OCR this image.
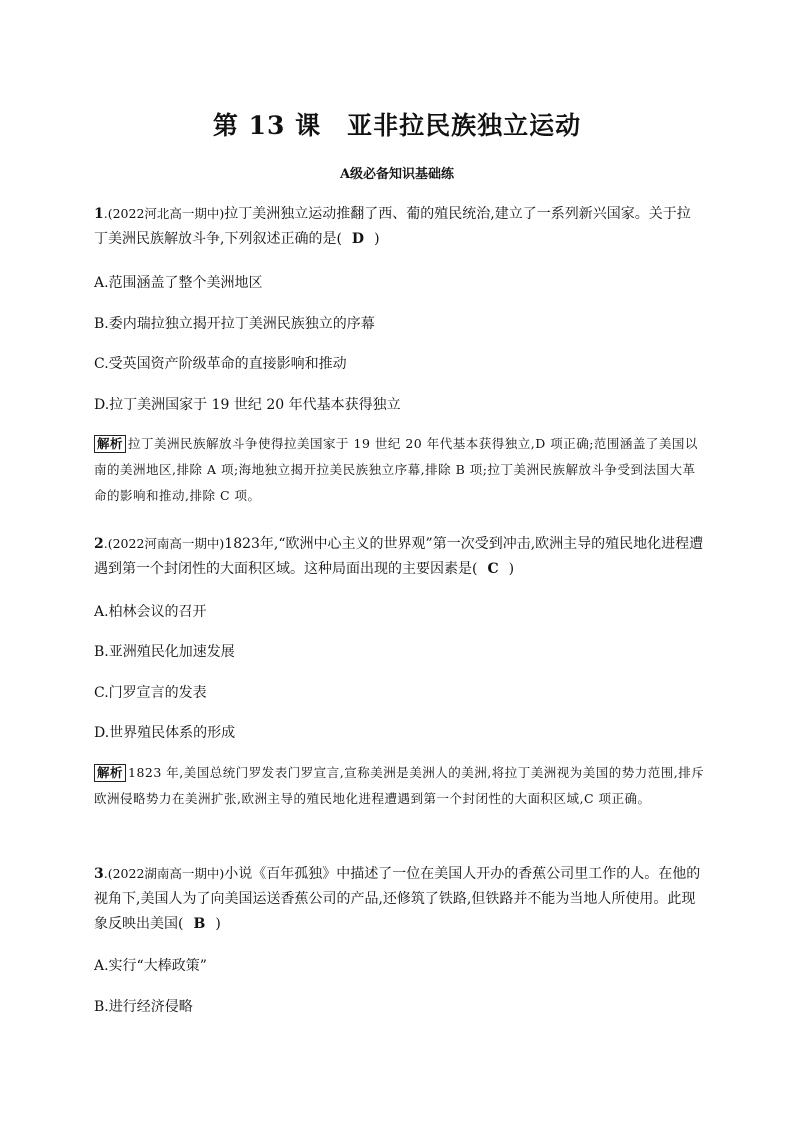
第 13 课　亚非拉民族独立运动
A级必备知识基础练
1.(2022河北高一期中)拉丁美洲独立运动推翻了西、葡的殖民统治,建立了一系列新兴国家。关于拉丁美洲民族解放斗争,下列叙述正确的是( D )
A.范围涵盖了整个美洲地区
B.委内瑞拉独立揭开拉丁美洲民族独立的序幕
C.受英国资产阶级革命的直接影响和推动
D.拉丁美洲国家于 19 世纪 20 年代基本获得独立
解析 拉丁美洲民族解放斗争使得拉美国家于 19 世纪 20 年代基本获得独立,D 项正确;范围涵盖了美国以南的美洲地区,排除 A 项;海地独立揭开拉美民族独立序幕,排除 B 项;拉丁美洲民族解放斗争受到法国大革命的影响和推动,排除 C 项。
2.(2022河南高一期中)1823年,“欧洲中心主义的世界观”第一次受到冲击,欧洲主导的殖民地化进程遭遇到第一个封闭性的大面积区域。这种局面出现的主要因素是( C )
A.柏林会议的召开
B.亚洲殖民化加速发展
C.门罗宣言的发表
D.世界殖民体系的形成
解析 1823 年,美国总统门罗发表门罗宣言,宣称美洲是美洲人的美洲,将拉丁美洲视为美国的势力范围,排斥欧洲侵略势力在美洲扩张,欧洲主导的殖民地化进程遭遇到第一个封闭性的大面积区域,C 项正确。
3.(2022湖南高一期中)小说《百年孤独》中描述了一位在美国人开办的香蕉公司里工作的人。在他的视角下,美国人为了向美国运送香蕉公司的产品,还修筑了铁路,但铁路并不能为当地人所使用。此现象反映出美国( B )
A.实行“大棒政策”
B.进行经济侵略
